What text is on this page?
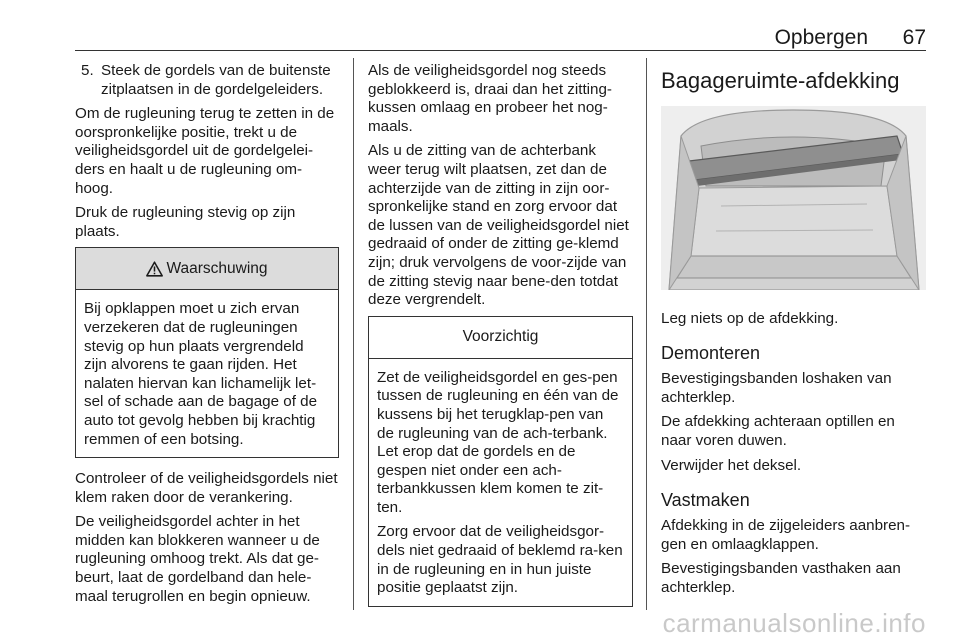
Opbergen 67
5. Steek de gordels van de buitenste zitplaatsen in de gordelgeleiders.

Om de rugleuning terug te zetten in de oorspronkelijke positie, trekt u de veiligheidsgordel uit de gordelgelei-ders en haalt u de rugleuning om-hoog.

Druk de rugleuning stevig op zijn plaats.

Waarschuwing

Bij opklappen moet u zich ervan verzekeren dat de rugleuningen stevig op hun plaats vergrendeld zijn alvorens te gaan rijden. Het nalaten hiervan kan lichamelijk let-sel of schade aan de bagage of de auto tot gevolg hebben bij krachtig remmen of een botsing.

Controleer of de veiligheidsgordels niet klem raken door de verankering.

De veiligheidsgordel achter in het midden kan blokkeren wanneer u de rugleuning omhoog trekt. Als dat ge-beurt, laat de gordelband dan hele-maal terugrollen en begin opnieuw.

Als de veiligheidsgordel nog steeds geblokkeerd is, draai dan het zitting-kussen omlaag en probeer het nog-maals.

Als u de zitting van de achterbank weer terug wilt plaatsen, zet dan de achterzijde van de zitting in zijn oor-spronkelijke stand en zorg ervoor dat de lussen van de veiligheidsgordel niet gedraaid of onder de zitting ge-klemd zijn; druk vervolgens de voor-zijde van de zitting stevig naar bene-den totdat deze vergrendelt.

Voorzichtig

Zet de veiligheidsgordel en ges-pen tussen de rugleuning en één van de kussens bij het terugklap-pen van de rugleuning van de ach-terbank. Let erop dat de gordels en de gespen niet onder een ach-terbankkussen klem komen te zit-ten.

Zorg ervoor dat de veiligheidsgor-dels niet gedraaid of beklemd ra-ken in de rugleuning en in hun juiste positie geplaatst zijn.

Bagageruimte-afdekking

Leg niets op de afdekking.

Demonteren

Bevestigingsbanden loshaken van achterklep.

De afdekking achteraan optillen en naar voren duwen.

Verwijder het deksel.

Vastmaken

Afdekking in de zijgeleiders aanbren-gen en omlaagklappen.

Bevestigingsbanden vasthaken aan achterklep.

carmanualsonline.info
